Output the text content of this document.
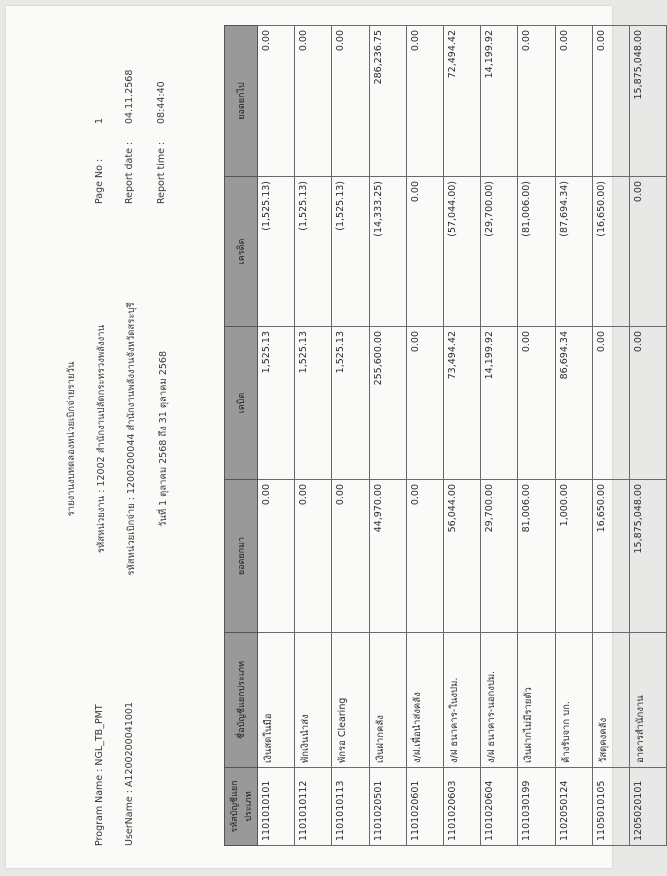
รายงานงบทดลองหน่วยเบิกจ่ายรายวัน รหัสหน่วยงาน : 12002 สำนักงานปลัดกระทรวงพลังงาน รหัสหน่วยเบิกจ่าย : 1200200044 สำนักงานพลังงานจังหวัดสระบุรี วันที่ 1 ตุลาคม 2568 ถึง 31 ตุลาคม 2568
Program Name : NGL_TB_PMT UserName : A1200200041001
Page No :
1
Report date :
04.11.2568
Report time :
08:44:40
รหัสบัญชีแยกประเภท	ชื่อบัญชีแยกประเภท	ยอดยกมา	เดบิต	เครดิต	ยอดยกไป
1101010101	เงินสดในมือ	0.00	1,525.13	(1,525.13)	0.00
1101010112	พักเงินนำส่ง	0.00	1,525.13	(1,525.13)	0.00
1101010113	พักรอ Clearing	0.00	1,525.13	(1,525.13)	0.00
1101020501	เงินฝากคลัง	44,970.00	255,600.00	(14,333.25)	286,236.75
1101020601	ง/ฝ.เพื่อนำส่งคลัง	0.00	0.00	0.00	0.00
1101020603	ง/ฝ ธนาคาร-ในงปม.	56,044.00	73,494.42	(57,044.00)	72,494.42
1101020604	ง/ฝ ธนาคาร-นอกงปม.	29,700.00	14,199.92	(29,700.00)	14,199.92
1101030199	เงินฝากไม่มีรายตัว	81,006.00	0.00	(81,006.00)	0.00
1102050124	ค้างรับจาก บก.	1,000.00	86,694.34	(87,694.34)	0.00
1105010105	วัสดุคงคลัง	16,650.00	0.00	(16,650.00)	0.00
1205020101	อาคารสำนักงาน	15,875,048.00	0.00	0.00	15,875,048.00
